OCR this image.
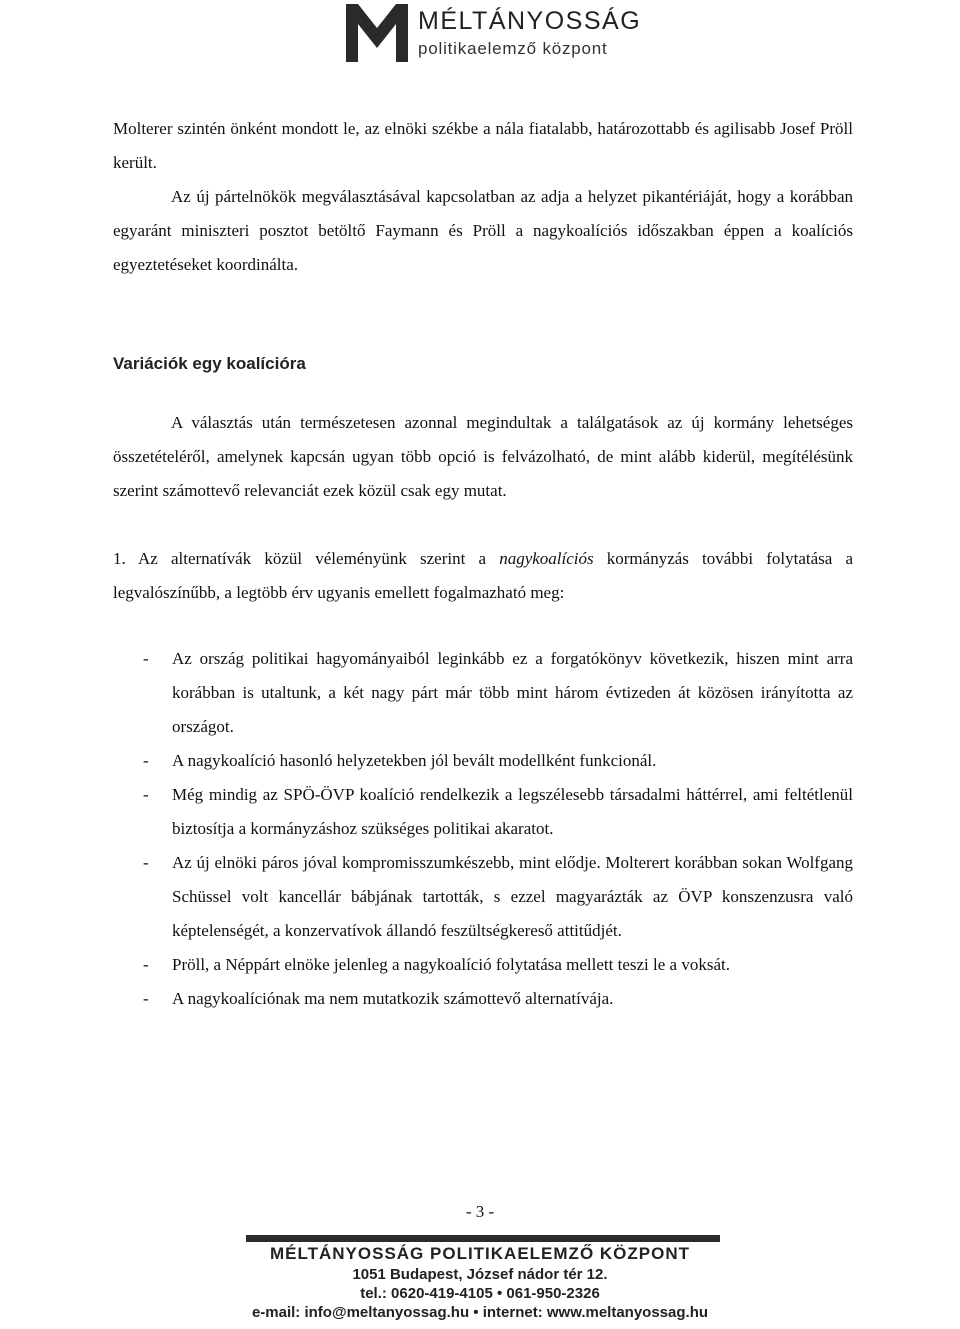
MÉLTÁNYOSSÁG
politikaelemző központ
Molterer szintén önként mondott le, az elnöki székbe a nála fiatalabb, határozottabb és agilisabb Josef Pröll került.
Az új pártelnökök megválasztásával kapcsolatban az adja a helyzet pikantériáját, hogy a korábban egyaránt miniszteri posztot betöltő Faymann és Pröll a nagykoalíciós időszakban éppen a koalíciós egyeztetéseket koordinálta.
Variációk egy koalícióra
A választás után természetesen azonnal megindultak a találgatások az új kormány lehetséges összetételéről, amelynek kapcsán ugyan több opció is felvázolható, de mint alább kiderül, megítélésünk szerint számottevő relevanciát ezek közül csak egy mutat.
1. Az alternatívák közül véleményünk szerint a nagykoalíciós kormányzás további folytatása a legvalószínűbb, a legtöbb érv ugyanis emellett fogalmazható meg:
- Az ország politikai hagyományaiból leginkább ez a forgatókönyv következik, hiszen mint arra korábban is utaltunk, a két nagy párt már több mint három évtizeden át közösen irányította az országot.
- A nagykoalíció hasonló helyzetekben jól bevált modellként funkcionál.
- Még mindig az SPÖ-ÖVP koalíció rendelkezik a legszélesebb társadalmi háttérrel, ami feltétlenül biztosítja a kormányzáshoz szükséges politikai akaratot.
- Az új elnöki páros jóval kompromisszumkészebb, mint elődje. Molterert korábban sokan Wolfgang Schüssel volt kancellár bábjának tartották, s ezzel magyarázták az ÖVP konszenzusra való képtelenségét, a konzervatívok állandó feszültségkereső attitűdjét.
- Pröll, a Néppárt elnöke jelenleg a nagykoalíció folytatása mellett teszi le a voksát.
- A nagykoalíciónak ma nem mutatkozik számottevő alternatívája.
- 3 -
MÉLTÁNYOSSÁG POLITIKAELEMZŐ KÖZPONT
1051 Budapest, József nádor tér 12.
tel.: 0620-419-4105 • 061-950-2326
e-mail: info@meltanyossag.hu • internet: www.meltanyossag.hu
